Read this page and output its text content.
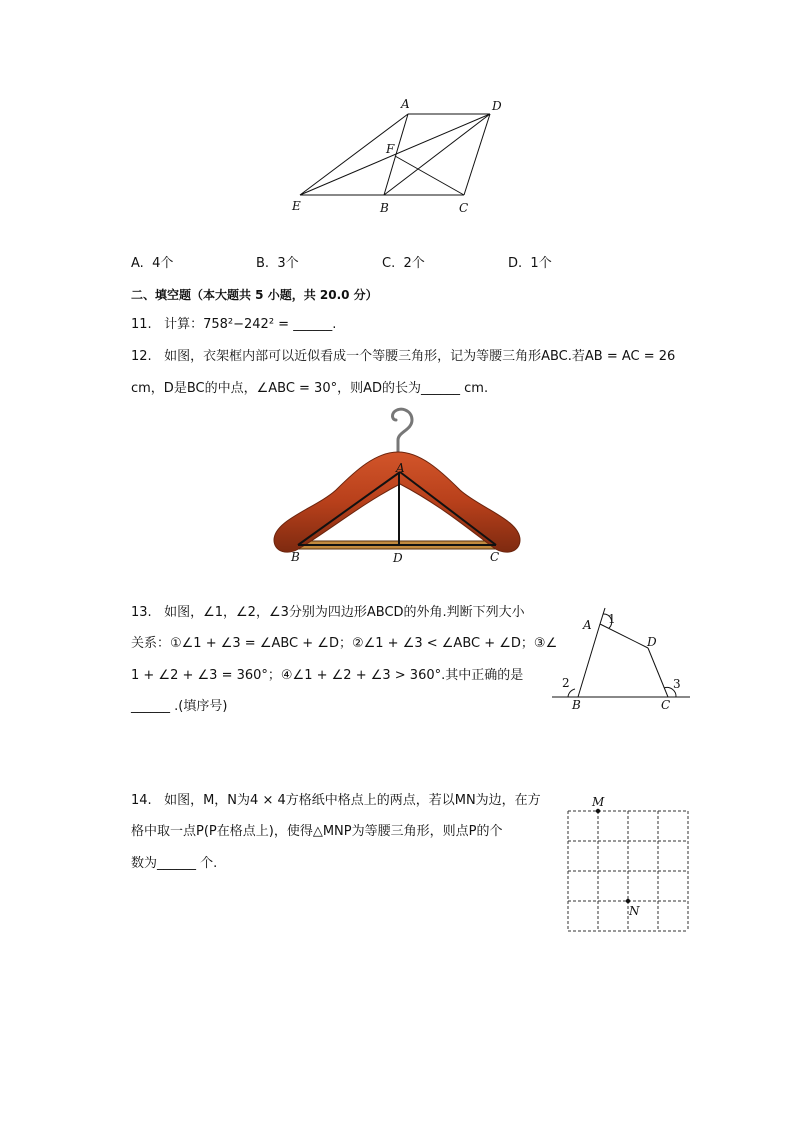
A	D
F
E	B	C
A. 4个	B. 3个	C. 2个	D. 1个
二、填空题（本大题共 5 小题，共 20.0 分）
11. 计算：758²−242² = ______.
12. 如图，衣架框内部可以近似看成一个等腰三角形，记为等腰三角形ABC.若AB = AC = 26
cm，D是BC的中点，∠ABC = 30°，则AD的长为______ cm.
A
B	D	C
13. 如图，∠1，∠2，∠3分别为四边形ABCD的外角.判断下列大小
关系：①∠1 + ∠3 = ∠ABC + ∠D；②∠1 + ∠3 < ∠ABC + ∠D；③∠
1 + ∠2 + ∠3 = 360°；④∠1 + ∠2 + ∠3 > 360°.其中正确的是
______ .(填序号)
A 1
D
2	3
B	C
14. 如图，M，N为4 × 4方格纸中格点上的两点，若以MN为边，在方
格中取一点P(P在格点上)，使得△MNP为等腰三角形，则点P的个
数为______ 个.
M
N
